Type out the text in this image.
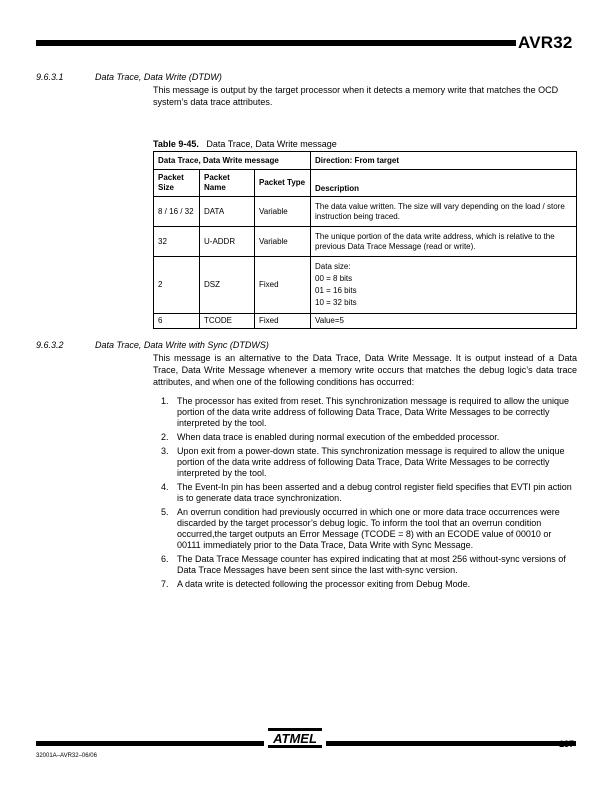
AVR32
9.6.3.1	Data Trace, Data Write (DTDW)
This message is output by the target processor when it detects a memory write that matches the OCD system’s data trace attributes.
Table 9-45. Data Trace, Data Write message
Data Trace, Data Write message			Direction: From target
Packet Size	Packet Name	Packet Type	Description
8 / 16 / 32	DATA	Variable	The data value written. The size will vary depending on the load / store instruction being traced.
32	U-ADDR	Variable	The unique portion of the data write address, which is relative to the previous Data Trace Message (read or write).
2	DSZ	Fixed	Data size:
00 = 8 bits
01 = 16 bits
10 = 32 bits

6	TCODE	Fixed	Value=5
9.6.3.2	Data Trace, Data Write with Sync (DTDWS)
This message is an alternative to the Data Trace, Data Write Message. It is output instead of a Data Trace, Data Write Message whenever a memory write occurs that matches the debug logic’s data trace attributes, and when one of the following conditions has occurred:
1. The processor has exited from reset. This synchronization message is required to allow the unique portion of the data write address of following Data Trace, Data Write Messages to be correctly interpreted by the tool.
2. When data trace is enabled during normal execution of the embedded processor.
3. Upon exit from a power-down state. This synchronization message is required to allow the unique portion of the data write address of following Data Trace, Data Write Messages to be correctly interpreted by the tool.
4. The Event-In pin has been asserted and a debug control register field specifies that EVTI pin action is to generate data trace synchronization.
5. An overrun condition had previously occurred in which one or more data trace occurrences were discarded by the target processor’s debug logic. To inform the tool that an overrun condition occurred,the target outputs an Error Message (TCODE = 8) with an ECODE value of 00010 or 00111 immediately prior to the Data Trace, Data Write with Sync Message.
6. The Data Trace Message counter has expired indicating that at most 256 without-sync versions of Data Trace Messages have been sent since the last with-sync version.
7. A data write is detected following the processor exiting from Debug Mode.
ATMEL
32001A–AVR32–06/06
137
